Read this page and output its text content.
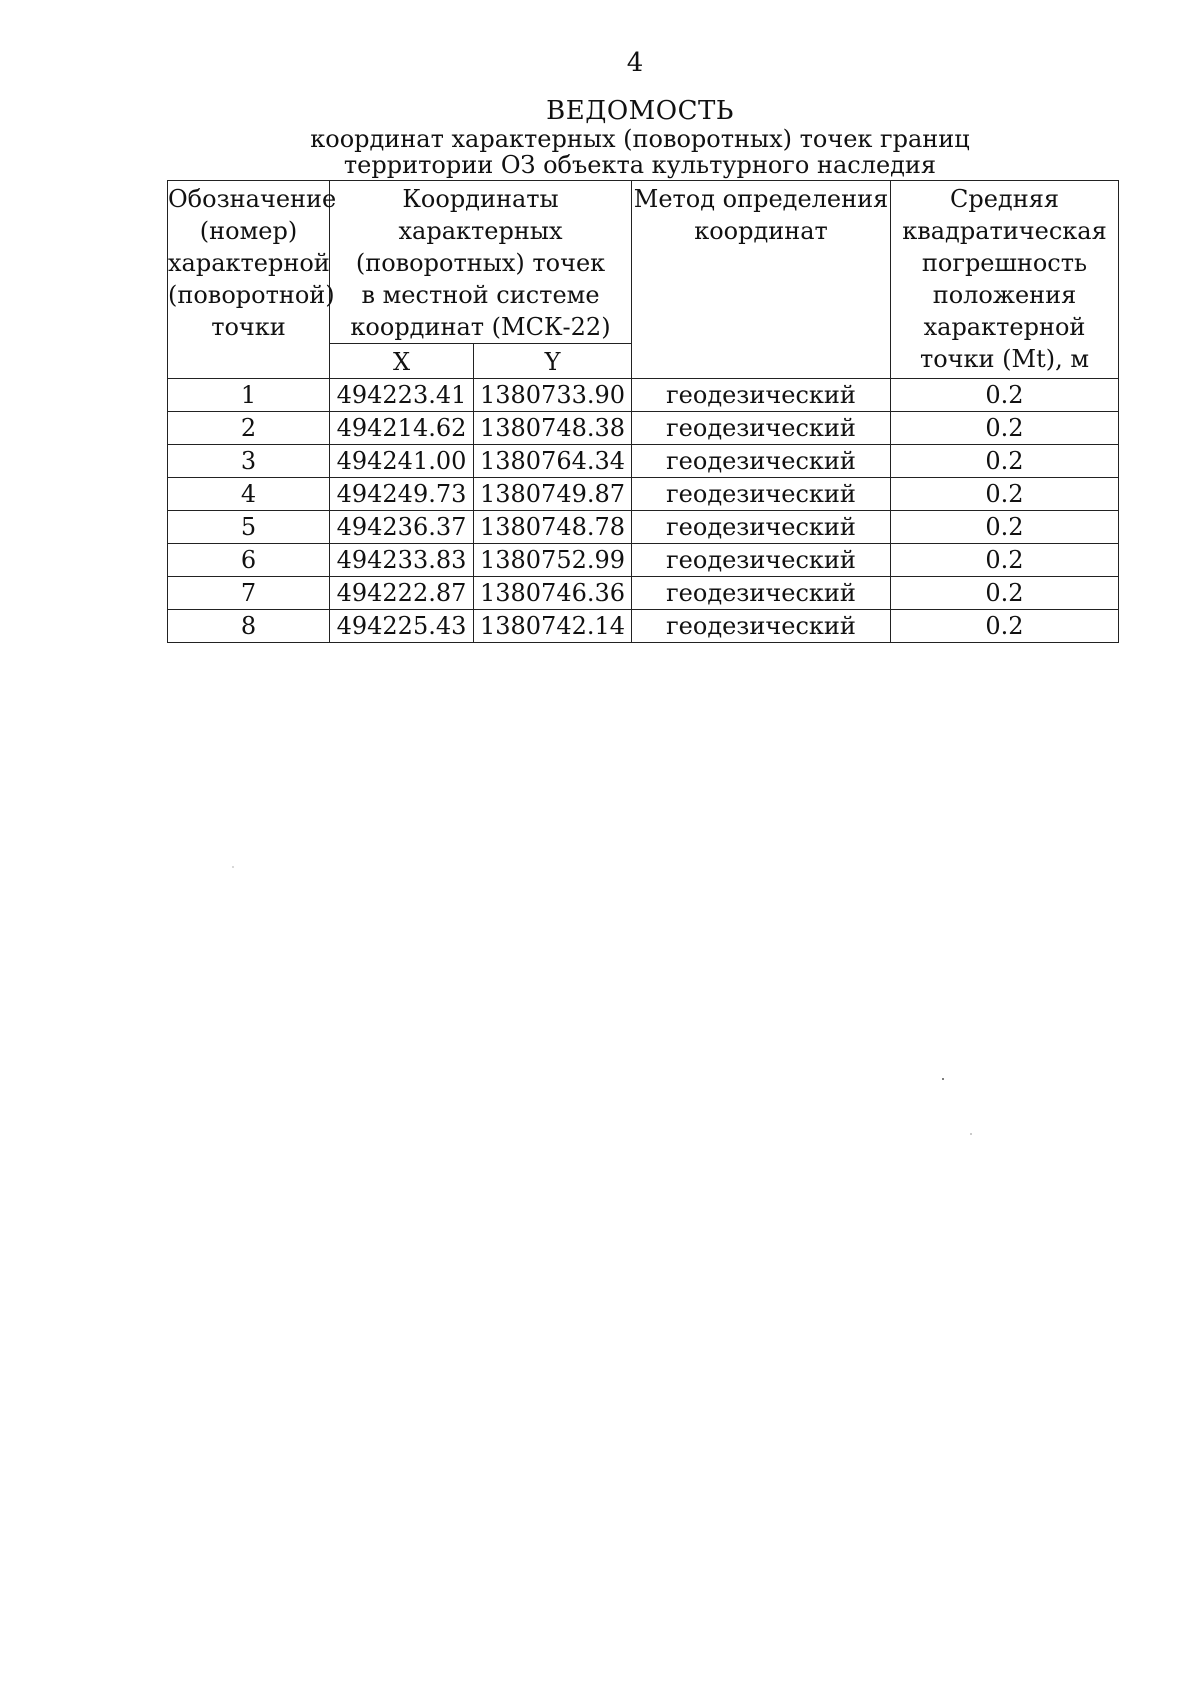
4
ВЕДОМОСТЬ
координат характерных (поворотных) точек границ
территории ОЗ объекта культурного наследия
Обозначение (номер) характерной (поворотной) точки	Координаты характерных (поворотных) точек в местной системе координат (МСК-22)		Метод определения координат	Средняя квадратическая погрешность положения характерной точки (Mt), м
	X	Y		
1	494223.41	1380733.90	геодезический	0.2
2	494214.62	1380748.38	геодезический	0.2
3	494241.00	1380764.34	геодезический	0.2
4	494249.73	1380749.87	геодезический	0.2
5	494236.37	1380748.78	геодезический	0.2
6	494233.83	1380752.99	геодезический	0.2
7	494222.87	1380746.36	геодезический	0.2
8	494225.43	1380742.14	геодезический	0.2
